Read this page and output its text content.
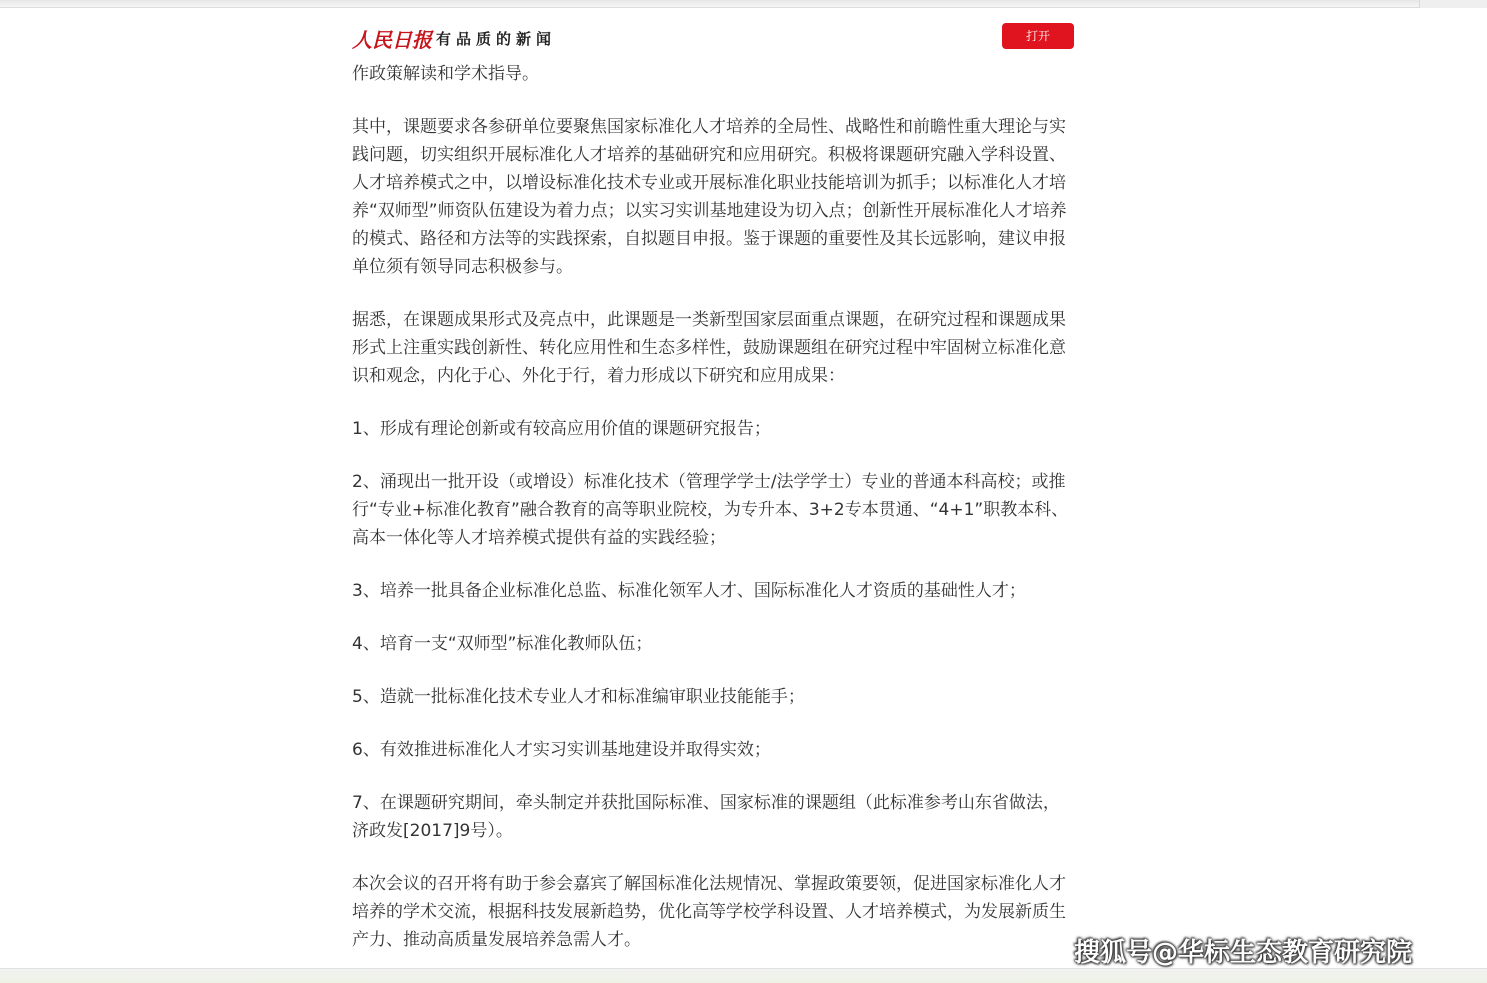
人民日报 有品质的新闻	打开

作政策解读和学术指导。

其中，课题要求各参研单位要聚焦国家标准化人才培养的全局性、战略性和前瞻性重大理论与实践问题，切实组织开展标准化人才培养的基础研究和应用研究。积极将课题研究融入学科设置、人才培养模式之中，以增设标准化技术专业或开展标准化职业技能培训为抓手；以标准化人才培养“双师型”师资队伍建设为着力点；以实习实训基地建设为切入点；创新性开展标准化人才培养的模式、路径和方法等的实践探索，自拟题目申报。鉴于课题的重要性及其长远影响，建议申报单位须有领导同志积极参与。

据悉，在课题成果形式及亮点中，此课题是一类新型国家层面重点课题，在研究过程和课题成果形式上注重实践创新性、转化应用性和生态多样性，鼓励课题组在研究过程中牢固树立标准化意识和观念，内化于心、外化于行，着力形成以下研究和应用成果：

1、形成有理论创新或有较高应用价值的课题研究报告；

2、涌现出一批开设（或增设）标准化技术（管理学学士/法学学士）专业的普通本科高校；或推行“专业+标准化教育”融合教育的高等职业院校，为专升本、3+2专本贯通、“4+1”职教本科、高本一体化等人才培养模式提供有益的实践经验；

3、培养一批具备企业标准化总监、标准化领军人才、国际标准化人才资质的基础性人才；

4、培育一支“双师型”标准化教师队伍；

5、造就一批标准化技术专业人才和标准编审职业技能能手；

6、有效推进标准化人才实习实训基地建设并取得实效；

7、在课题研究期间，牵头制定并获批国际标准、国家标准的课题组（此标准参考山东省做法，济政发[2017]9号）。

本次会议的召开将有助于参会嘉宾了解国标准化法规情况、掌握政策要领，促进国家标准化人才培养的学术交流，根据科技发展新趋势，优化高等学校学科设置、人才培养模式，为发展新质生产力、推动高质量发展培养急需人才。	搜狐号@华标生态教育研究院
